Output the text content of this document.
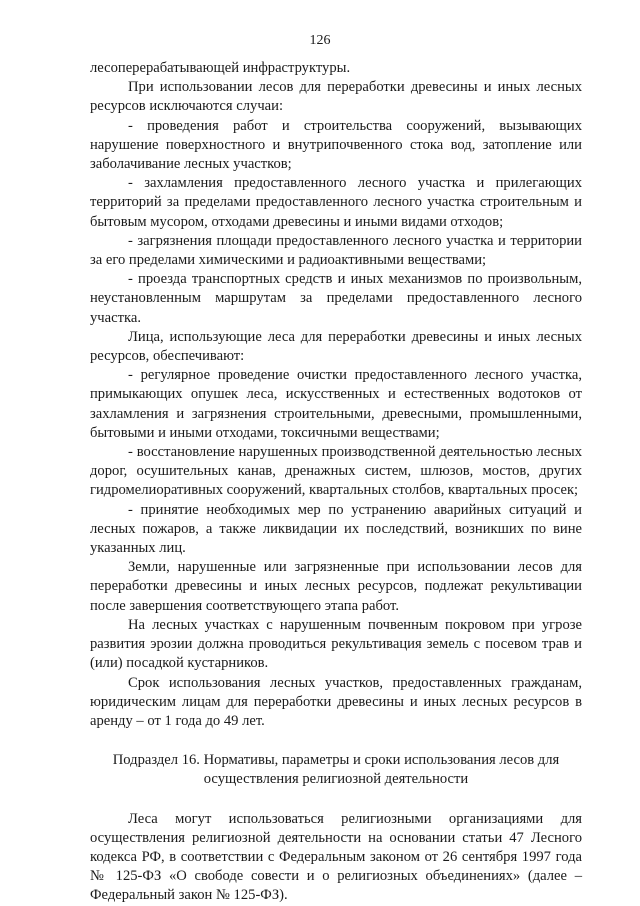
126

лесоперерабатывающей инфраструктуры.

При использовании лесов для переработки древесины и иных лесных ресурсов исключаются случаи:

- проведения работ и строительства сооружений, вызывающих нарушение поверхностного и внутрипочвенного стока вод, затопление или заболачивание лесных участков;

- захламления предоставленного лесного участка и прилегающих территорий за пределами предоставленного лесного участка строительным и бытовым мусором, отходами древесины и иными видами отходов;

- загрязнения площади предоставленного лесного участка и территории за его пределами химическими и радиоактивными веществами;

- проезда транспортных средств и иных механизмов по произвольным, неустановленным маршрутам за пределами предоставленного лесного участка.

Лица, использующие леса для переработки древесины и иных лесных ресурсов, обеспечивают:

- регулярное проведение очистки предоставленного лесного участка, примыкающих опушек леса, искусственных и естественных водотоков от захламления и загрязнения строительными, древесными, промышленными, бытовыми и иными отходами, токсичными веществами;

- восстановление нарушенных производственной деятельностью лесных дорог, осушительных канав, дренажных систем, шлюзов, мостов, других гидромелиоративных сооружений, квартальных столбов, квартальных просек;

- принятие необходимых мер по устранению аварийных ситуаций и лесных пожаров, а также ликвидации их последствий, возникших по вине указанных лиц.

Земли, нарушенные или загрязненные при использовании лесов для переработки древесины и иных лесных ресурсов, подлежат рекультивации после завершения соответствующего этапа работ.

На лесных участках с нарушенным почвенным покровом при угрозе развития эрозии должна проводиться рекультивация земель с посевом трав и (или) посадкой кустарников.

Срок использования лесных участков, предоставленных гражданам, юридическим лицам для переработки древесины и иных лесных ресурсов в аренду – от 1 года до 49 лет.

Подраздел 16. Нормативы, параметры и сроки использования лесов для
осуществления религиозной деятельности

Леса могут использоваться религиозными организациями для осуществления религиозной деятельности на основании статьи 47 Лесного кодекса РФ, в соответствии с Федеральным законом от 26 сентября 1997 года № 125-ФЗ «О свободе совести и о религиозных объединениях» (далее – Федеральный закон № 125-ФЗ).
